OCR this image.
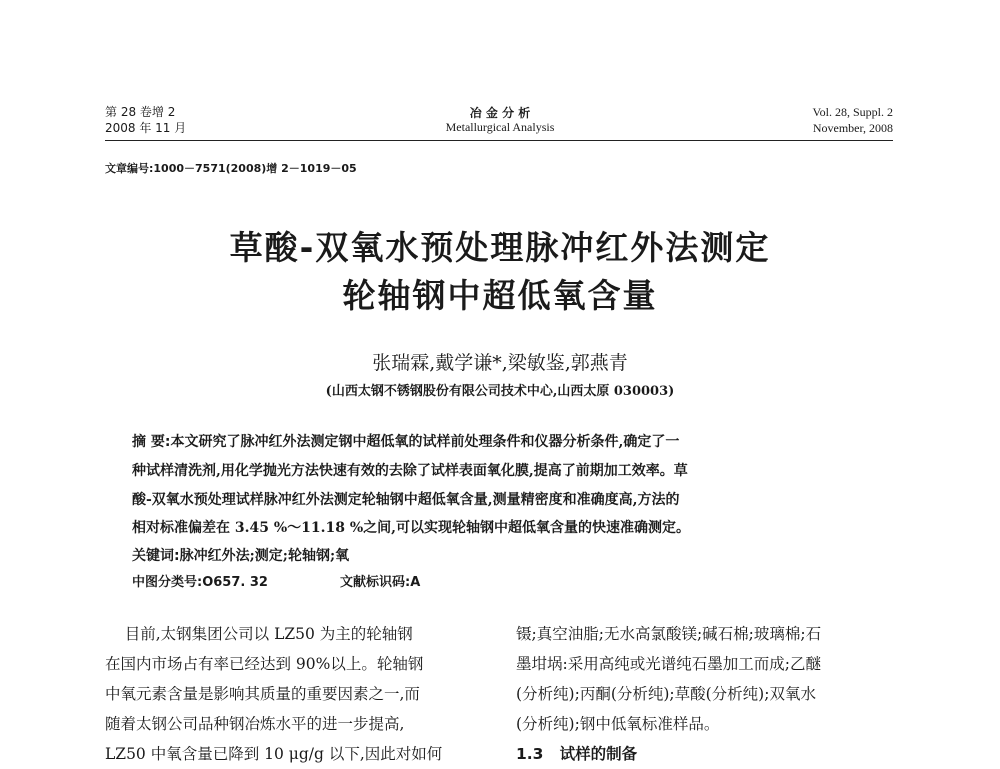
第 28 卷增 2
2008 年 11 月
冶 金 分 析
Metallurgical Analysis
Vol. 28, Suppl. 2
November, 2008
文章编号:1000－7571(2008)增 2－1019－05
草酸-双氧水预处理脉冲红外法测定
轮轴钢中超低氧含量
张瑞霖,戴学谦*,梁敏鉴,郭燕青
(山西太钢不锈钢股份有限公司技术中心,山西太原 030003)
摘 要:本文研究了脉冲红外法测定钢中超低氧的试样前处理条件和仪器分析条件,确定了一
种试样清洗剂,用化学抛光方法快速有效的去除了试样表面氧化膜,提高了前期加工效率。草
酸-双氧水预处理试样脉冲红外法测定轮轴钢中超低氧含量,测量精密度和准确度高,方法的
相对标准偏差在 3.45 %～11.18 %之间,可以实现轮轴钢中超低氧含量的快速准确测定。
关键词:脉冲红外法;测定;轮轴钢;氧
中图分类号:O657. 32	文献标识码:A
目前,太钢集团公司以 LZ50 为主的轮轴钢
在国内市场占有率已经达到 90%以上。轮轴钢
中氧元素含量是影响其质量的重要因素之一,而
随着太钢公司品种钢冶炼水平的进一步提高,
LZ50 中氧含量已降到 10 μg/g 以下,因此对如何
镊;真空油脂;无水高氯酸镁;碱石棉;玻璃棉;石
墨坩埚:采用高纯或光谱纯石墨加工而成;乙醚
(分析纯);丙酮(分析纯);草酸(分析纯);双氧水
(分析纯);钢中低氧标准样品。
1.3   试样的制备
